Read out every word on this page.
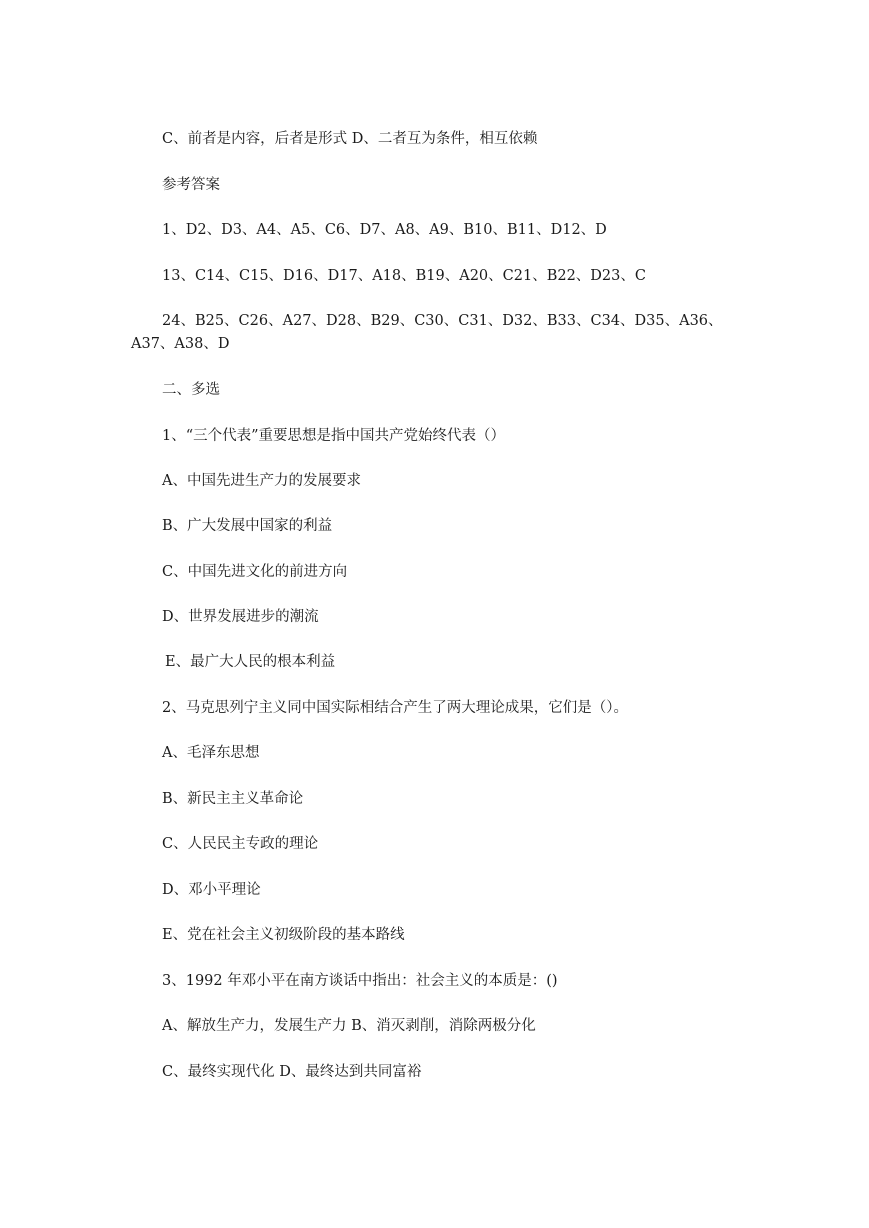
C、前者是内容，后者是形式 D、二者互为条件，相互依赖
参考答案
1、D2、D3、A4、A5、C6、D7、A8、A9、B10、B11、D12、D
13、C14、C15、D16、D17、A18、B19、A20、C21、B22、D23、C
24、B25、C26、A27、D28、B29、C30、C31、D32、B33、C34、D35、A36、A37、A38、D
二、多选
1、“三个代表”重要思想是指中国共产党始终代表（）
A、中国先进生产力的发展要求
B、广大发展中国家的利益
C、中国先进文化的前进方向
D、世界发展进步的潮流
E、最广大人民的根本利益
2、马克思列宁主义同中国实际相结合产生了两大理论成果，它们是（）。
A、毛泽东思想
B、新民主主义革命论
C、人民民主专政的理论
D、邓小平理论
E、党在社会主义初级阶段的基本路线
3、1992 年邓小平在南方谈话中指出：社会主义的本质是：()
A、解放生产力，发展生产力 B、消灭剥削，消除两极分化
C、最终实现代化 D、最终达到共同富裕
